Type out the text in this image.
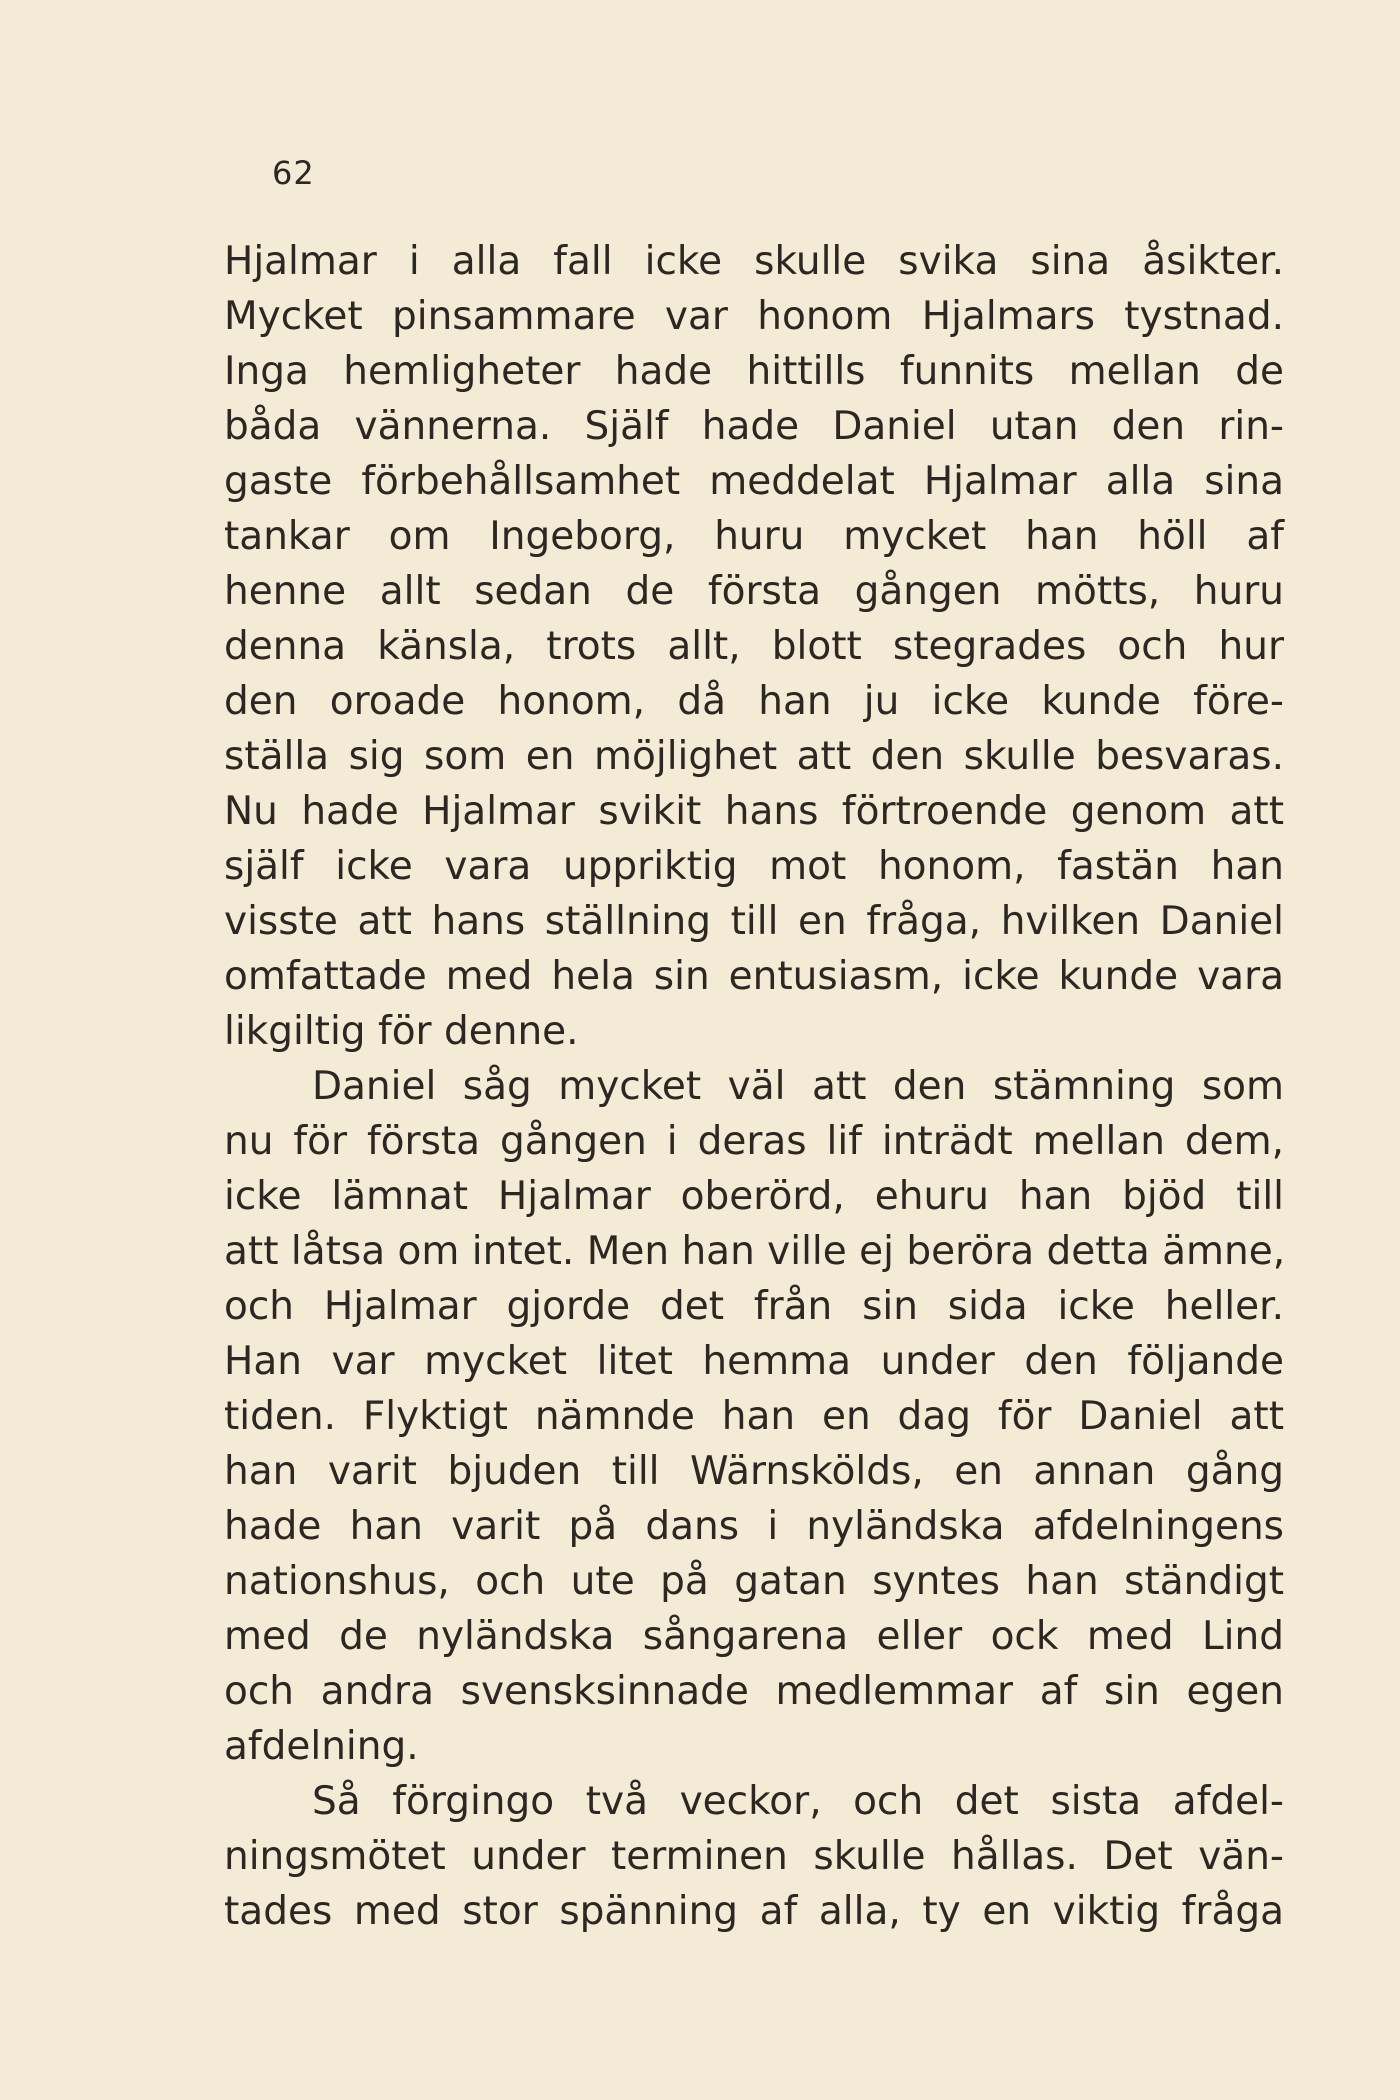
62
Hjalmar i alla fall icke skulle svika sina åsikter.
Mycket pinsammare var honom Hjalmars tystnad.
Inga hemligheter hade hittills funnits mellan de
båda vännerna. Själf hade Daniel utan den rin-
gaste förbehållsamhet meddelat Hjalmar alla sina
tankar om Ingeborg, huru mycket han höll af
henne allt sedan de första gången mötts, huru
denna känsla, trots allt, blott stegrades och hur
den oroade honom, då han ju icke kunde före-
ställa sig som en möjlighet att den skulle besvaras.
Nu hade Hjalmar svikit hans förtroende genom att
själf icke vara uppriktig mot honom, fastän han
visste att hans ställning till en fråga, hvilken Daniel
omfattade med hela sin entusiasm, icke kunde vara
likgiltig för denne.
Daniel såg mycket väl att den stämning som
nu för första gången i deras lif inträdt mellan dem,
icke lämnat Hjalmar oberörd, ehuru han bjöd till
att låtsa om intet. Men han ville ej beröra detta ämne,
och Hjalmar gjorde det från sin sida icke heller.
Han var mycket litet hemma under den följande
tiden. Flyktigt nämnde han en dag för Daniel att
han varit bjuden till Wärnskölds, en annan gång
hade han varit på dans i nyländska afdelningens
nationshus, och ute på gatan syntes han ständigt
med de nyländska sångarena eller ock med Lind
och andra svensksinnade medlemmar af sin egen
afdelning.
Så förgingo två veckor, och det sista afdel-
ningsmötet under terminen skulle hållas. Det vän-
tades med stor spänning af alla, ty en viktig fråga
